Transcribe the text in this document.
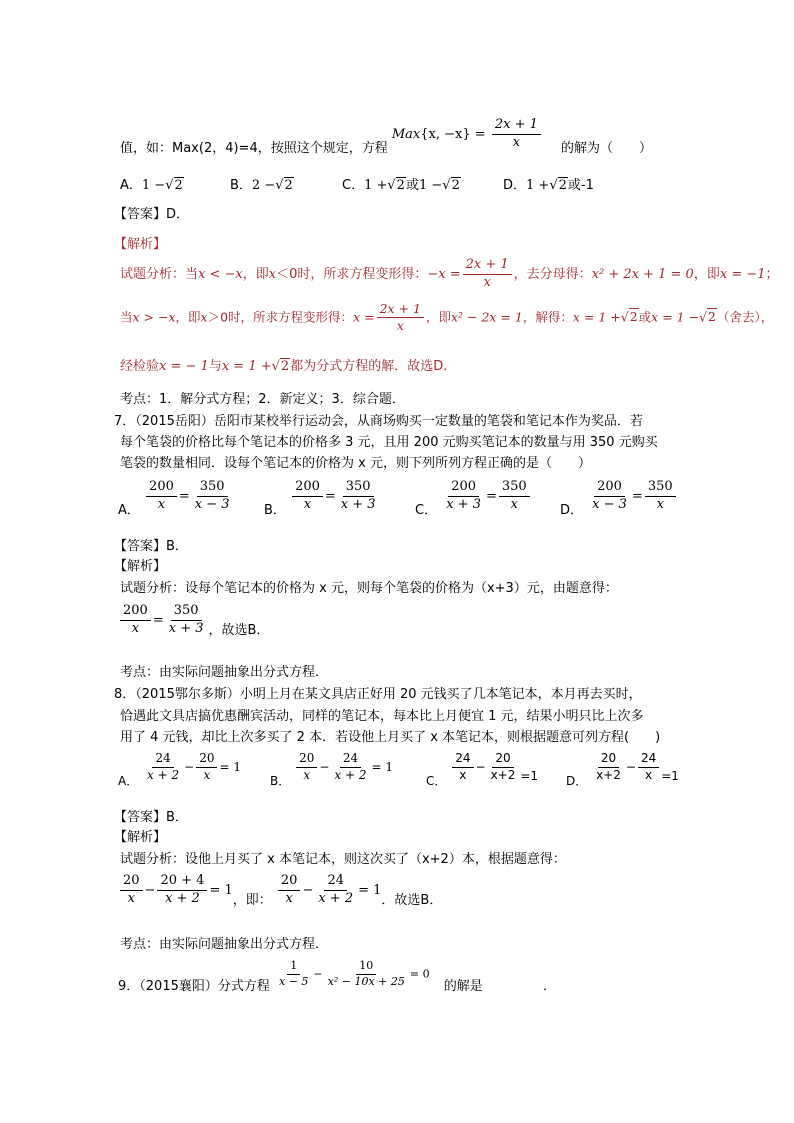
值，如：Max(2，4)=4，按照这个规定，方程 Max{x, $-x\} = \frac{2x + 1}{x}$ 的解为（　　）
A．1 −√2	B．2 −√2	C．1 +√2或1 −√2	D．1 +√2或-1
【答案】D．
【解析】
试题分析：当x < −x，即x＜0时，所求方程变形得：$-x = \frac{2x + 1}{x}$ ，去分母得：x² + 2x + 1 = 0，即x = −1；
当x > −x，即x＞0时，所求方程变形得：$x = \frac{2x + 1}{x}$ ，即x² − 2x = 1，解得：x = 1 +√2或x = 1 −√2（舍去），
经检验x = − 1与x = 1 +√2都为分式方程的解．故选D．
考点：1．解分式方程；2．新定义；3．综合题．
7．（2015岳阳）岳阳市某校举行运动会，从商场购买一定数量的笔袋和笔记本作为奖品．若
每个笔袋的价格比每个笔记本的价格多 3 元，且用 200 元购买笔记本的数量与用 350 元购买
笔袋的数量相同．设每个笔记本的价格为 x 元，则下列所列方程正确的是（　　）
A． $\frac{200}{x} = \frac{350}{x - 3}$ B． $\frac{200}{x} = \frac{350}{x + 3}$	C． $\frac{200}{x + 3} = \frac{350}{x}$ D． $\frac{200}{x - 3} = \frac{350}{x}$
【答案】B．
【解析】
试题分析：设每个笔记本的价格为 x 元，则每个笔袋的价格为（x+3）元，由题意得：
$\frac{200}{x} = \frac{350}{x + 3}$ ，故选B．
考点：由实际问题抽象出分式方程．
8．（2015鄂尔多斯）小明上月在某文具店正好用 20 元钱买了几本笔记本，本月再去买时，
恰遇此文具店搞优惠酬宾活动，同样的笔记本，每本比上月便宜 1 元，结果小明只比上次多
用了 4 元钱，却比上次多买了 2 本．若设他上月买了 x 本笔记本，则根据题意可列方程(　　)
A． $\frac{24}{x + 2} - \frac{20}{x} = 1$
B． $\frac{20}{x} - \frac{24}{x + 2} = 1$
C． $\frac{24}{x} - \frac{20}{x+2} =1$ D． $\frac{20}{x+2} - \frac{24}{x} =1$
【答案】B．
【解析】
试题分析：设他上月买了 x 本笔记本，则这次买了（x+2）本，根据题意得：
$\frac{20}{x} - \frac{20 + 4}{x + 2} = 1$，即： $\frac{20}{x} - \frac{24}{x + 2} = 1$．故选B．
考点：由实际问题抽象出分式方程．
9．（2015襄阳）分式方程 $\frac{1}{x - 5} - \frac{10}{\text{x² − 10x + 25}} = 0$ 的解是	．
